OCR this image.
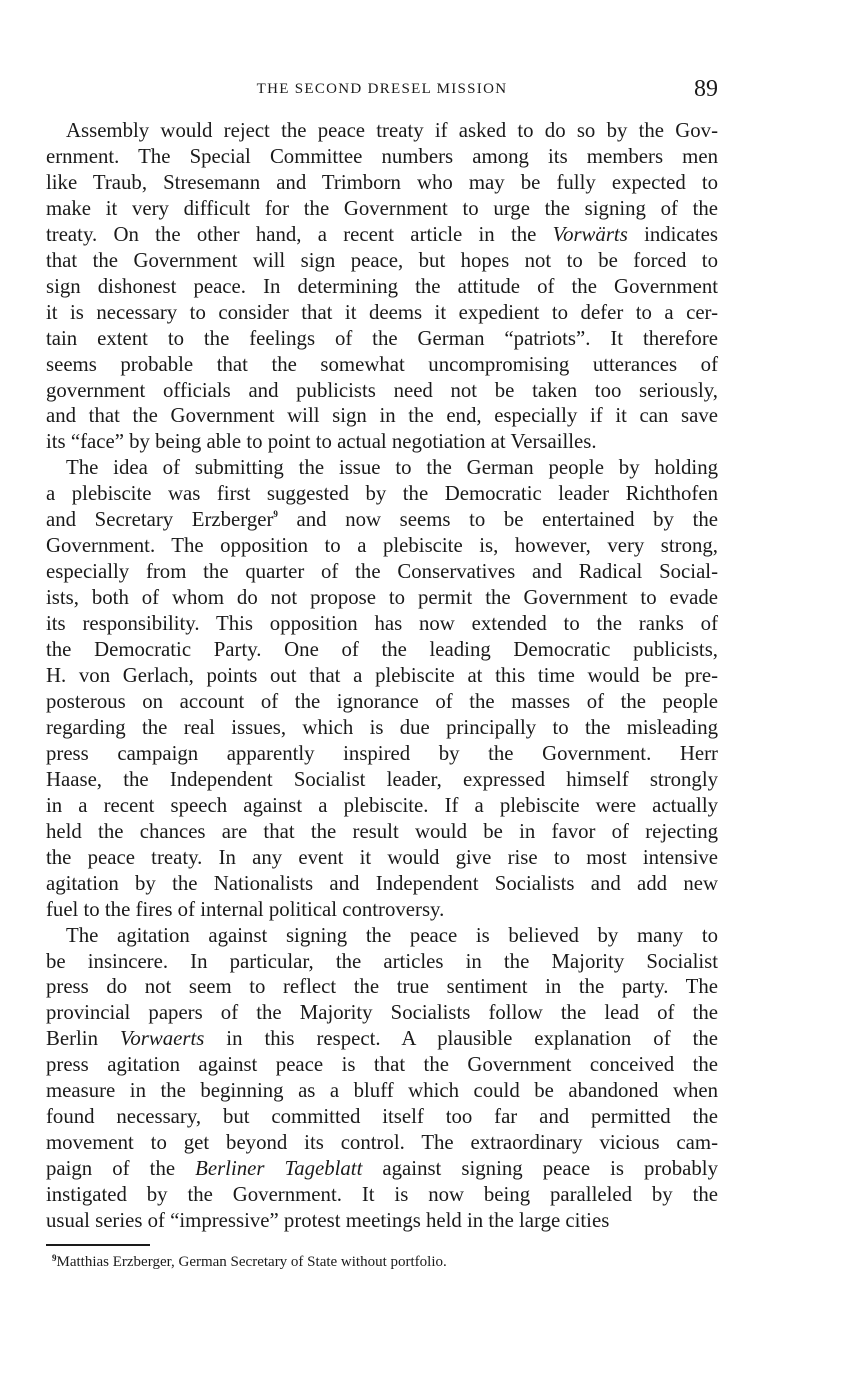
THE SECOND DRESEL MISSION	89

Assembly would reject the peace treaty if asked to do so by the Gov-
ernment. The Special Committee numbers among its members men
like Traub, Stresemann and Trimborn who may be fully expected to
make it very difficult for the Government to urge the signing of the
treaty. On the other hand, a recent article in the Vorwärts indicates
that the Government will sign peace, but hopes not to be forced to
sign dishonest peace. In determining the attitude of the Government
it is necessary to consider that it deems it expedient to defer to a cer-
tain extent to the feelings of the German “patriots”. It therefore
seems probable that the somewhat uncompromising utterances of
government officials and publicists need not be taken too seriously,
and that the Government will sign in the end, especially if it can save
its “face” by being able to point to actual negotiation at Versailles.

The idea of submitting the issue to the German people by holding
a plebiscite was first suggested by the Democratic leader Richthofen
and Secretary Erzberger$^9$ and now seems to be entertained by the
Government. The opposition to a plebiscite is, however, very strong,
especially from the quarter of the Conservatives and Radical Social-
ists, both of whom do not propose to permit the Government to evade
its responsibility. This opposition has now extended to the ranks of
the Democratic Party. One of the leading Democratic publicists,
H. von Gerlach, points out that a plebiscite at this time would be pre-
posterous on account of the ignorance of the masses of the people
regarding the real issues, which is due principally to the misleading
press campaign apparently inspired by the Government. Herr
Haase, the Independent Socialist leader, expressed himself strongly
in a recent speech against a plebiscite. If a plebiscite were actually
held the chances are that the result would be in favor of rejecting
the peace treaty. In any event it would give rise to most intensive
agitation by the Nationalists and Independent Socialists and add new
fuel to the fires of internal political controversy.

The agitation against signing the peace is believed by many to
be insincere. In particular, the articles in the Majority Socialist
press do not seem to reflect the true sentiment in the party. The
provincial papers of the Majority Socialists follow the lead of the
Berlin Vorwaerts in this respect. A plausible explanation of the
press agitation against peace is that the Government conceived the
measure in the beginning as a bluff which could be abandoned when
found necessary, but committed itself too far and permitted the
movement to get beyond its control. The extraordinary vicious cam-
paign of the Berliner Tageblatt against signing peace is probably
instigated by the Government. It is now being paralleled by the
usual series of “impressive” protest meetings held in the large cities

$^9$Matthias Erzberger, German Secretary of State without portfolio.
